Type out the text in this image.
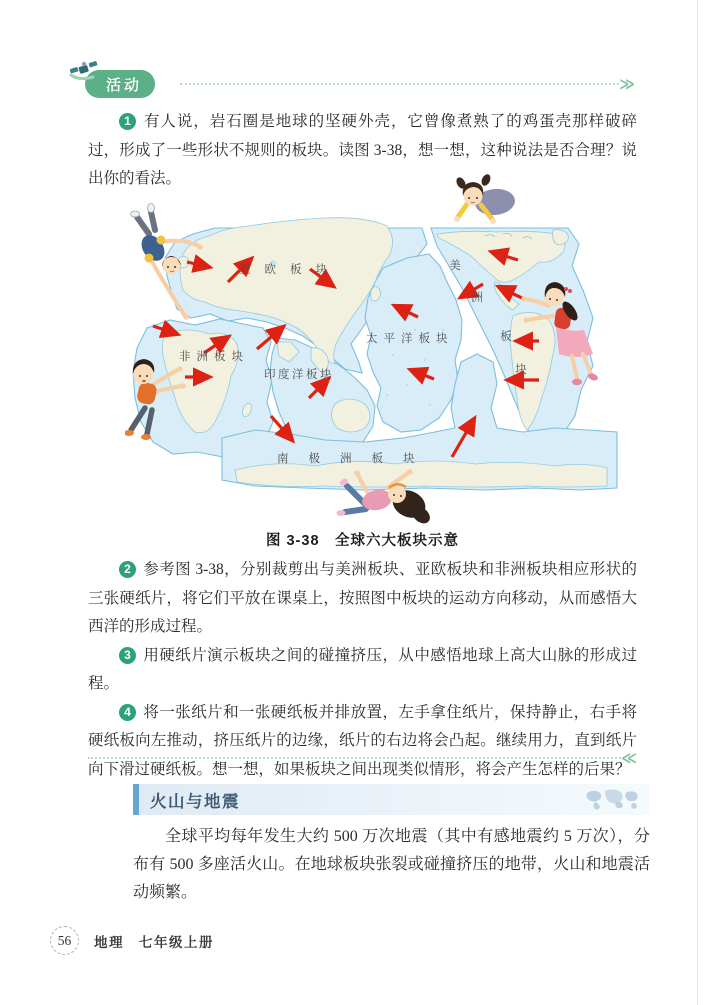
活动	≫

1 有人说，岩石圈是地球的坚硬外壳，它曾像煮熟了的鸡蛋壳那样破碎过，形成了一些形状不规则的板块。读图 3-38，想一想，这种说法是否合理？说出你的看法。

亚欧板块
太平洋板块
非洲板块
印度洋板块
南极洲板块
美
洲
板
块
图 3-38　全球六大板块示意

2 参考图 3-38，分别裁剪出与美洲板块、亚欧板块和非洲板块相应形状的三张硬纸片，将它们平放在课桌上，按照图中板块的运动方向移动，从而感悟大西洋的形成过程。

3 用硬纸片演示板块之间的碰撞挤压，从中感悟地球上高大山脉的形成过程。

4 将一张纸片和一张硬纸板并排放置，左手拿住纸片，保持静止，右手将硬纸板向左推动，挤压纸片的边缘，纸片的右边将会凸起。继续用力，直到纸片向下滑过硬纸板。想一想，如果板块之间出现类似情形，将会产生怎样的后果？

≪
火山与地震

全球平均每年发生大约 500 万次地震（其中有感地震约 5 万次），分布有 500 多座活火山。在地球板块张裂或碰撞挤压的地带，火山和地震活动频繁。

56	地理　七年级上册
